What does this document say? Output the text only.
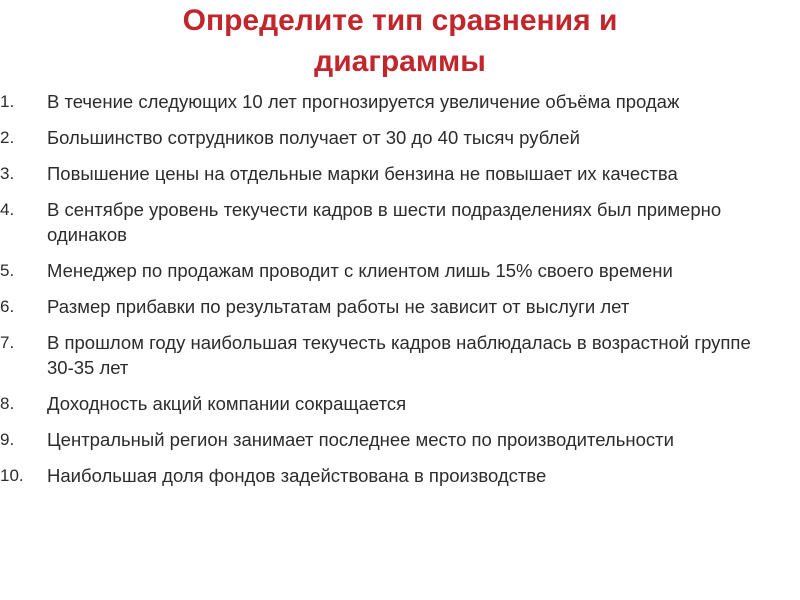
Определите тип сравнения и
диаграммы
1.	В течение следующих 10 лет прогнозируется увеличение объёма продаж
2.	Большинство сотрудников получает от 30 до 40 тысяч рублей
3.	Повышение цены на отдельные марки бензина не повышает их качества
4.	В сентябре уровень текучести кадров в шести подразделениях был примерно одинаков
5.	Менеджер по продажам проводит с клиентом лишь 15% своего времени
6.	Размер прибавки по результатам работы не зависит от выслуги лет
7.	В прошлом году наибольшая текучесть кадров наблюдалась в возрастной группе 30-35 лет
8.	Доходность акций компании сокращается
9.	Центральный регион занимает последнее место по производительности
10.	Наибольшая доля фондов задействована в производстве
